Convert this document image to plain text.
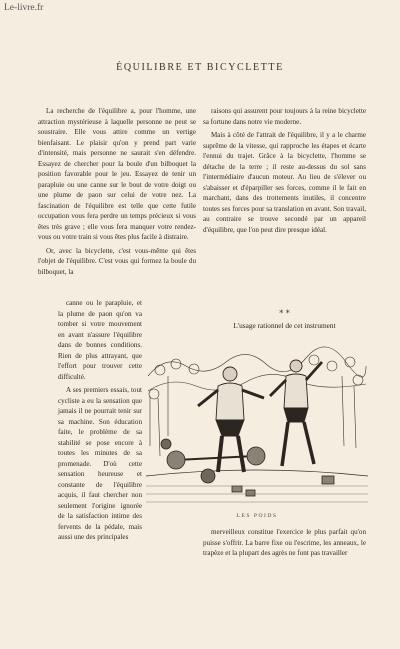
Le-livre.fr
ÉQUILIBRE ET BICYCLETTE

La recherche de l'équilibre a, pour l'homme, une attraction mystérieuse à laquelle personne ne peut se soustraire. Elle vous attire comme un vertige bienfaisant. Le plaisir qu'on y prend part varie d'intensité, mais personne ne saurait s'en défendre. Essayez de chercher pour la boule d'un bilboquet la position favorable pour le jeu. Essayez de tenir un parapluie ou une canne sur le bout de votre doigt ou une plume de paon sur celui de votre nez. La fascination de l'équilibre est telle que cette futile occupation vous fera perdre un temps précieux si vous êtes très grave ; elle vous fera manquer votre rendez-vous ou votre train si vous êtes plus facile à distraire.

Or, avec la bicyclette, c'est vous-même qui êtes l'objet de l'équilibre. C'est vous qui formez la boule du bilboquet, la

canne ou le parapluie, et la plume de paon qu'on va tomber si votre mouvement en avant n'assure l'équilibre dans de bonnes conditions. Rien de plus attrayant, que l'effort pour trouver cette difficulté.

A ses premiers essais, tout cycliste a eu la sensation que jamais il ne pourrait tenir sur sa machine. Son éducation faite, le problème de sa stabilité se pose encore à toutes les minutes de sa promenade. D'où cette sensation heureuse et constante de l'équilibre acquis, il faut chercher non seulement l'origine ignorée de la satisfaction intime des fervents de la pédale, mais aussi une des principales

raisons qui assurent pour toujours à la reine bicyclette sa fortune dans notre vie moderne.

Mais à côté de l'attrait de l'équilibre, il y a le charme suprême de la vitesse, qui rapproche les étapes et écarte l'ennui du trajet. Grâce à la bicyclette, l'homme se détache de la terre ; il reste au-dessus du sol sans l'intermédiaire d'aucun moteur. Au lieu de s'élever ou s'abaisser et d'éparpiller ses forces, comme il le fait en marchant, dans des trottements inutiles, il concentre toutes ses forces pour sa translation en avant. Son travail, au contraire se trouve secondé par un appareil d'équilibre, que l'on peut dire presque idéal.

* *
L'usage rationnel de cet instrument
LES POIDS

merveilleux constitue l'exercice le plus parfait qu'on puisse s'offrir. La barre fixe ou l'escrime, les anneaux, le trapèze et la plupart des agrès ne font pas travailler
